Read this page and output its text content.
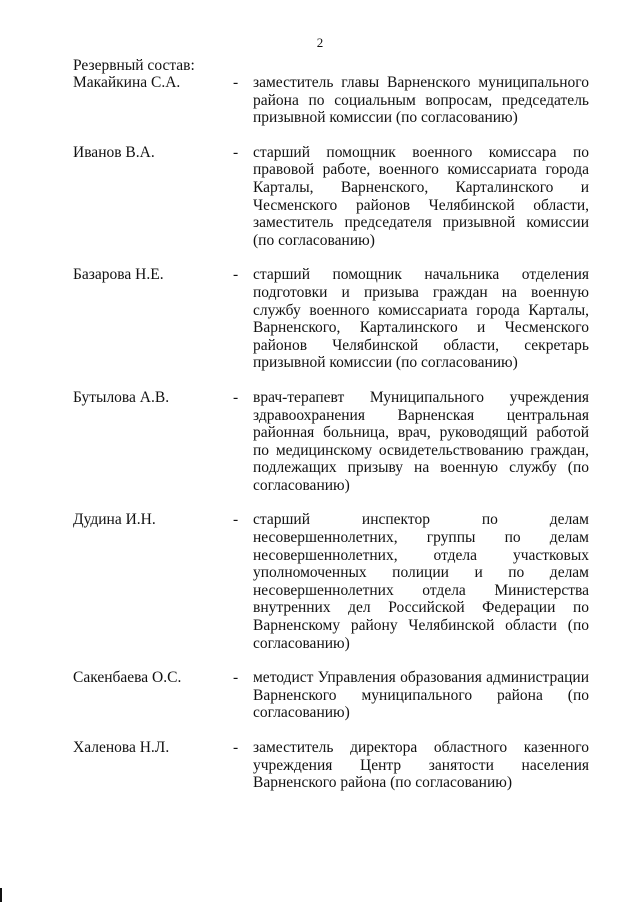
2
Резервный состав:
Макайкина С.А.	- заместитель главы Варненского муниципального района по социальным вопросам, председатель призывной комиссии (по согласованию)
Иванов В.А.	- старший помощник военного комиссара по правовой работе, военного комиссариата города Карталы, Варненского, Карталинского и Чесменского районов Челябинской области, заместитель председателя призывной комиссии (по согласованию)
Базарова Н.Е.	- старший помощник начальника отделения подготовки и призыва граждан на военную службу военного комиссариата города Карталы, Варненского, Карталинского и Чесменского районов Челябинской области, секретарь призывной комиссии (по согласованию)
Бутылова А.В.	- врач-терапевт Муниципального учреждения здравоохранения Варненская центральная районная больница, врач, руководящий работой по медицинскому освидетельствованию граждан, подлежащих призыву на военную службу (по согласованию)
Дудина И.Н.	- старший инспектор по делам несовершеннолетних, группы по делам несовершеннолетних, отдела участковых уполномоченных полиции и по делам несовершеннолетних отдела Министерства внутренних дел Российской Федерации по Варненскому району Челябинской области (по согласованию)
Сакенбаева О.С.	- методист Управления образования администрации Варненского муниципального района (по согласованию)
Халенова Н.Л.	- заместитель директора областного казенного учреждения Центр занятости населения Варненского района (по согласованию)
